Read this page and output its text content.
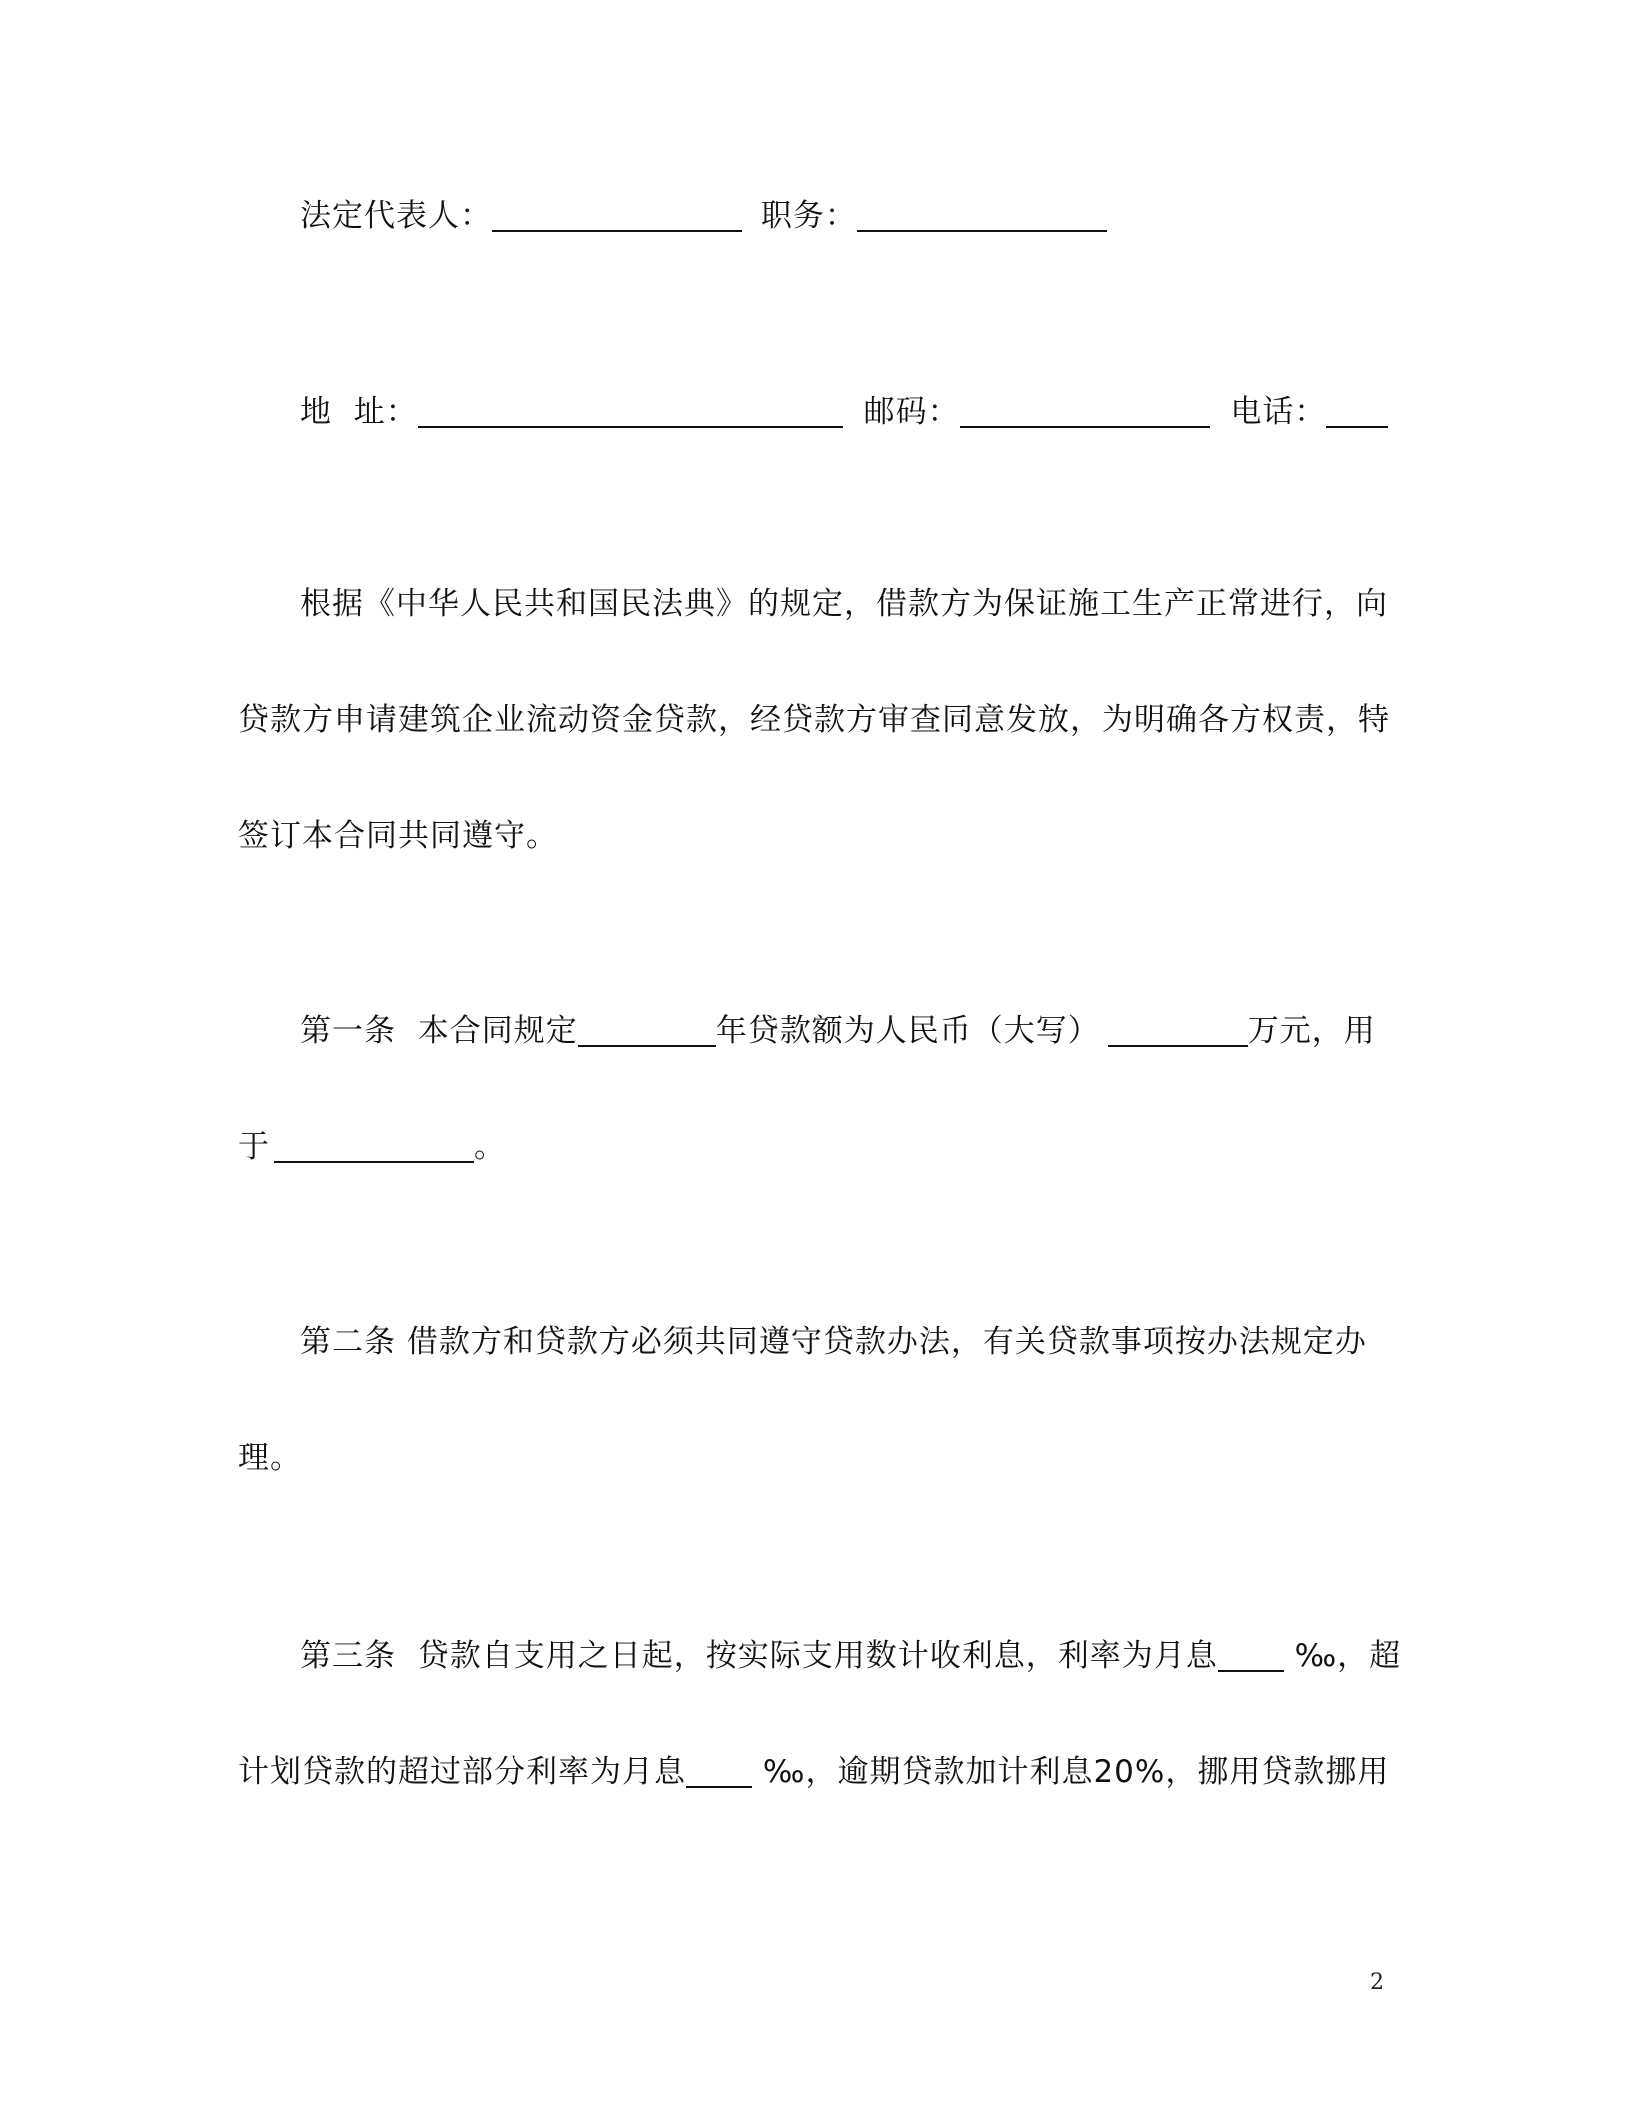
法定代表人：	职务：
地  址：	邮码：	电话：
根据《中华人民共和国民法典》的规定，借款方为保证施工生产正常进行，向
贷款方申请建筑企业流动资金贷款，经贷款方审查同意发放，为明确各方权责，特
签订本合同共同遵守。
第一条  本合同规定	年贷款额为人民币（大写）	万元，用
于	。
第二条 借款方和贷款方必须共同遵守贷款办法，有关贷款事项按办法规定办
理。
第三条  贷款自支用之日起，按实际支用数计收利息，利率为月息 ‰，超
计划贷款的超过部分利率为月息 ‰，逾期贷款加计利息20%，挪用贷款挪用
2
